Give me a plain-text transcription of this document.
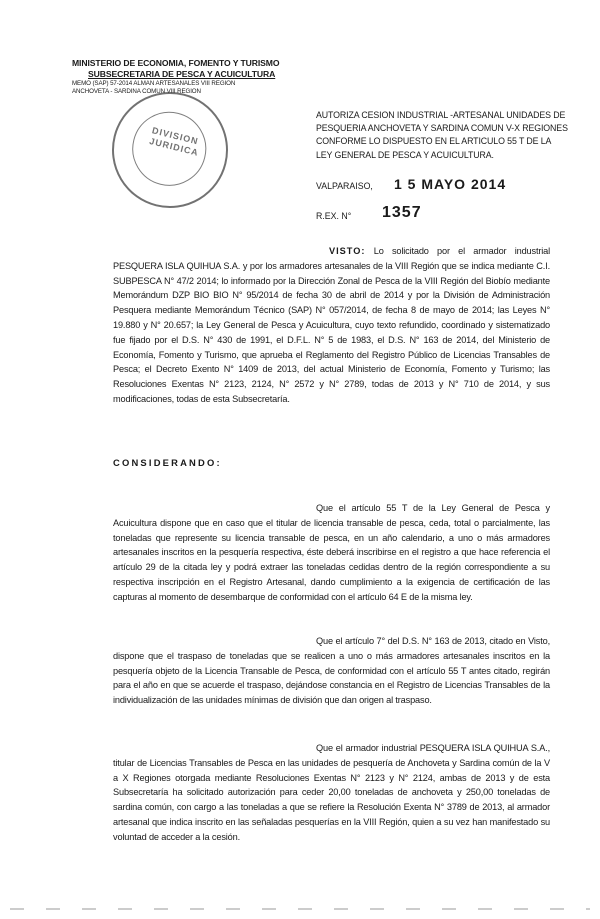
MINISTERIO DE ECONOMIA, FOMENTO Y TURISMO
SUBSECRETARIA DE PESCA Y ACUICULTURA
MEMO (SAP) 57-2014 ALMAN ARTESANALES VIII REGION
ANCHOVETA - SARDINA COMUN VIII REGION
DIVISION JURIDICA
AUTORIZA CESION INDUSTRIAL -ARTESANAL UNIDADES DE PESQUERIA ANCHOVETA Y SARDINA COMUN V-X REGIONES CONFORME LO DISPUESTO EN EL ARTICULO 55 T DE LA LEY GENERAL DE PESCA Y ACUICULTURA.
VALPARAISO, 1 5 MAYO 2014
R.EX. N° 1357
VISTO: Lo solicitado por el armador industrial PESQUERA ISLA QUIHUA S.A. y por los armadores artesanales de la VIII Región que se indica mediante C.I. SUBPESCA N° 47/2 2014; lo informado por la Dirección Zonal de Pesca de la VIII Región del Biobío mediante Memorándum DZP BIO BIO N° 95/2014 de fecha 30 de abril de 2014 y por la División de Administración Pesquera mediante Memorándum Técnico (SAP) N° 057/2014, de fecha 8 de mayo de 2014; las Leyes N° 19.880 y N° 20.657; la Ley General de Pesca y Acuicultura, cuyo texto refundido, coordinado y sistematizado fue fijado por el D.S. N° 430 de 1991, el D.F.L. N° 5 de 1983, el D.S. N° 163 de 2014, del Ministerio de Economía, Fomento y Turismo, que aprueba el Reglamento del Registro Público de Licencias Transables de Pesca; el Decreto Exento N° 1409 de 2013, del actual Ministerio de Economía, Fomento y Turismo; las Resoluciones Exentas N° 2123, 2124, N° 2572 y N° 2789, todas de 2013 y N° 710 de 2014, y sus modificaciones, todas de esta Subsecretaría.
CONSIDERANDO:
Que el artículo 55 T de la Ley General de Pesca y Acuicultura dispone que en caso que el titular de licencia transable de pesca, ceda, total o parcialmente, las toneladas que represente su licencia transable de pesca, en un año calendario, a uno o más armadores artesanales inscritos en la pesquería respectiva, éste deberá inscribirse en el registro a que hace referencia el artículo 29 de la citada ley y podrá extraer las toneladas cedidas dentro de la región correspondiente a su respectiva inscripción en el Registro Artesanal, dando cumplimiento a la exigencia de certificación de las capturas al momento de desembarque de conformidad con el artículo 64 E de la misma ley.
Que el artículo 7° del D.S. N° 163 de 2013, citado en Visto, dispone que el traspaso de toneladas que se realicen a uno o más armadores artesanales inscritos en la pesquería objeto de la Licencia Transable de Pesca, de conformidad con el artículo 55 T antes citado, regirán para el año en que se acuerde el traspaso, dejándose constancia en el Registro de Licencias Transables de la individualización de las unidades mínimas de división que dan origen al traspaso.
Que el armador industrial PESQUERA ISLA QUIHUA S.A., titular de Licencias Transables de Pesca en las unidades de pesquería de Anchoveta y Sardina común de la V a X Regiones otorgada mediante Resoluciones Exentas N° 2123 y N° 2124, ambas de 2013 y de esta Subsecretaría ha solicitado autorización para ceder 20,00 toneladas de anchoveta y 250,00 toneladas de sardina común, con cargo a las toneladas a que se refiere la Resolución Exenta N° 3789 de 2013, al armador artesanal que indica inscrito en las señaladas pesquerías en la VIII Región, quien a su vez han manifestado su voluntad de acceder a la cesión.
